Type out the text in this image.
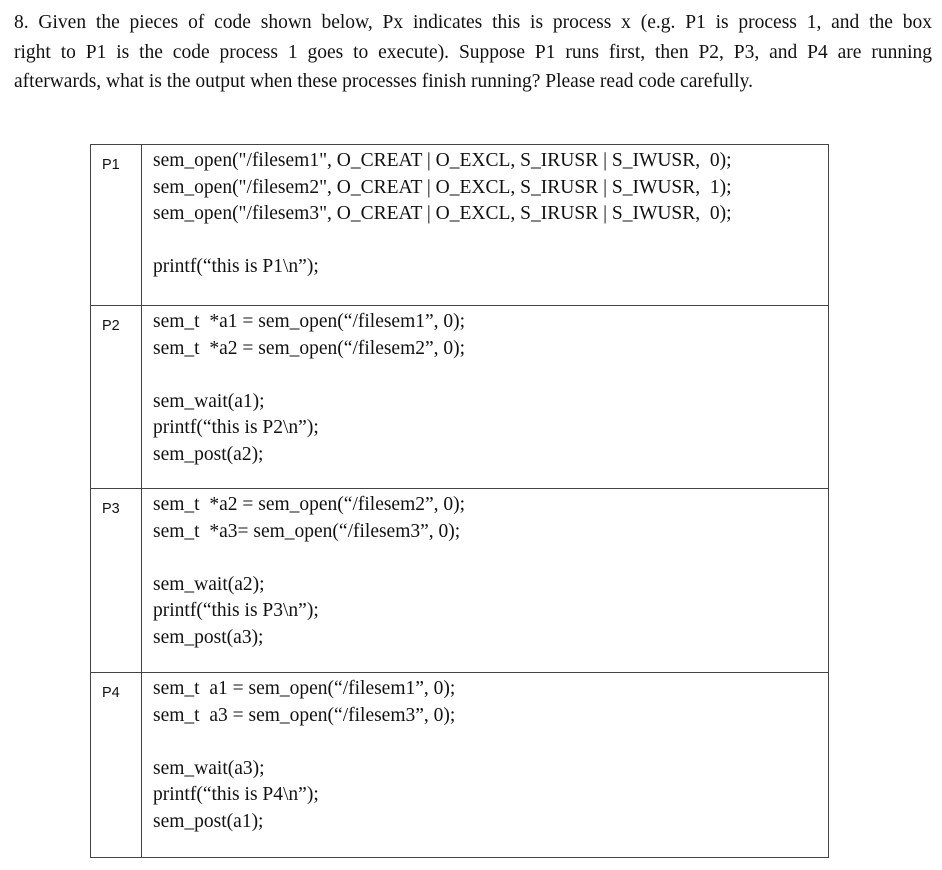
8. Given the pieces of code shown below, Px indicates this is process x (e.g. P1 is process 1, and the box
right to P1 is the code process 1 goes to execute). Suppose P1 runs first, then P2, P3, and P4 are running
afterwards, what is the output when these processes finish running? Please read code carefully.

P1	sem_open("/filesem1", O_CREAT | O_EXCL, S_IRUSR | S_IWUSR,  0);
sem_open("/filesem2", O_CREAT | O_EXCL, S_IRUSR | S_IWUSR,  1);
sem_open("/filesem3", O_CREAT | O_EXCL, S_IRUSR | S_IWUSR,  0);
printf(“this is P1\n”);

P2	sem_t  *a1 = sem_open(“/filesem1”, 0);
sem_t  *a2 = sem_open(“/filesem2”, 0);
sem_wait(a1);
printf(“this is P2\n”);
sem_post(a2);

P3	sem_t  *a2 = sem_open(“/filesem2”, 0);
sem_t  *a3= sem_open(“/filesem3”, 0);
sem_wait(a2);
printf(“this is P3\n”);
sem_post(a3);

P4	sem_t  a1 = sem_open(“/filesem1”, 0);
sem_t  a3 = sem_open(“/filesem3”, 0);
sem_wait(a3);
printf(“this is P4\n”);
sem_post(a1);
